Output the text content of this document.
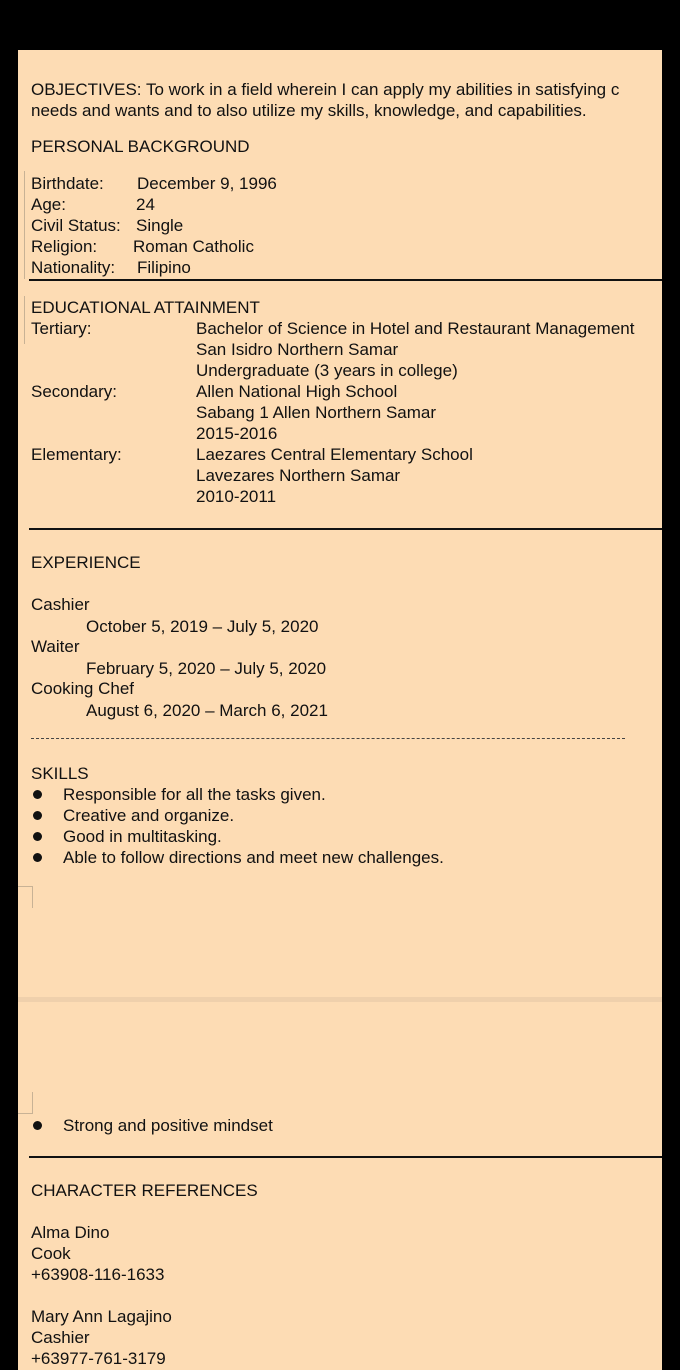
OBJECTIVES: To work in a field wherein I can apply my abilities in satisfying c
needs and wants and to also utilize my skills, knowledge, and capabilities.
PERSONAL BACKGROUND
Birthdate: December 9, 1996
Age:	24
Civil Status: Single
Religion: Roman Catholic
Nationality: Filipino
EDUCATIONAL ATTAINMENT
Tertiary:	Bachelor of Science in Hotel and Restaurant Management
San Isidro Northern Samar
Undergraduate (3 years in college)
Secondary:	Allen National High School
Sabang 1 Allen Northern Samar
2015-2016
Elementary:	Laezares Central Elementary School
Lavezares Northern Samar
2010-2011
EXPERIENCE
Cashier
October 5, 2019 – July 5, 2020
Waiter
February 5, 2020 – July 5, 2020
Cooking Chef
August 6, 2020 – March 6, 2021
SKILLS
Responsible for all the tasks given.
Creative and organize.
Good in multitasking.
Able to follow directions and meet new challenges.
Strong and positive mindset
CHARACTER REFERENCES
Alma Dino
Cook
+63908-116-1633
Mary Ann Lagajino
Cashier
+63977-761-3179
